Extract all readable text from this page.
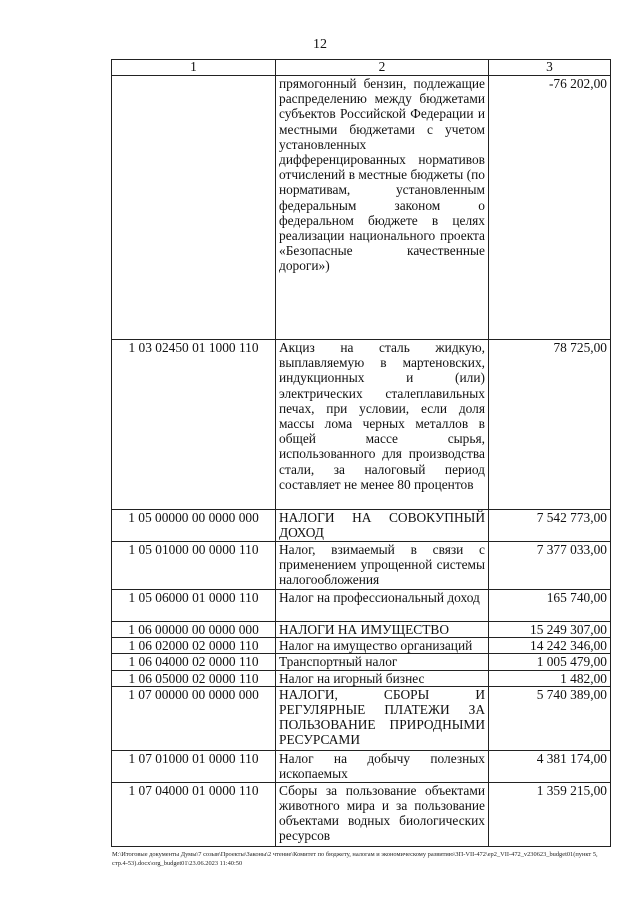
12
1	2	3
	прямогонный бензин, подлежащие распределению между бюджетами субъектов Российской Федерации и местными бюджетами с учетом установленных дифференцированных нормативов отчислений в местные бюджеты (по нормативам, установленным федеральным законом о федеральном бюджете в целях реализации национального проекта «Безопасные качественные дороги»)	-76 202,00
1 03 02450 01 1000 110	Акциз на сталь жидкую, выплавляемую в мартеновских, индукционных и (или) электрических сталеплавильных печах, при условии, если доля массы лома черных металлов в общей массе сырья, использованного для производства стали, за налоговый период составляет не менее 80 процентов	78 725,00
1 05 00000 00 0000 000	НАЛОГИ НА СОВОКУПНЫЙ ДОХОД	7 542 773,00
1 05 01000 00 0000 110	Налог, взимаемый в связи с применением упрощенной системы налогообложения	7 377 033,00
1 05 06000 01 0000 110	Налог на профессиональный доход	165 740,00
1 06 00000 00 0000 000	НАЛОГИ НА ИМУЩЕСТВО	15 249 307,00
1 06 02000 02 0000 110	Налог на имущество организаций	14 242 346,00
1 06 04000 02 0000 110	Транспортный налог	1 005 479,00
1 06 05000 02 0000 110	Налог на игорный бизнес	1 482,00
1 07 00000 00 0000 000	НАЛОГИ, СБОРЫ И РЕГУЛЯРНЫЕ ПЛАТЕЖИ ЗА ПОЛЬЗОВАНИЕ ПРИРОДНЫМИ РЕСУРСАМИ	5 740 389,00
1 07 01000 01 0000 110	Налог на добычу полезных ископаемых	4 381 174,00
1 07 04000 01 0000 110	Сборы за пользование объектами животного мира и за пользование объектами водных биологических ресурсов	1 359 215,00
М:\Итоговые документы Думы\7 созыв\Проекты\Законы\2 чтение\Комитет по бюджету, налогам и экономическому развитию\ЗП-VII-472\ер2_VII-472_v230623_budget01(пункт 5, стр.4-53).docx\org_budget01\23.06.2023 11:40:50
